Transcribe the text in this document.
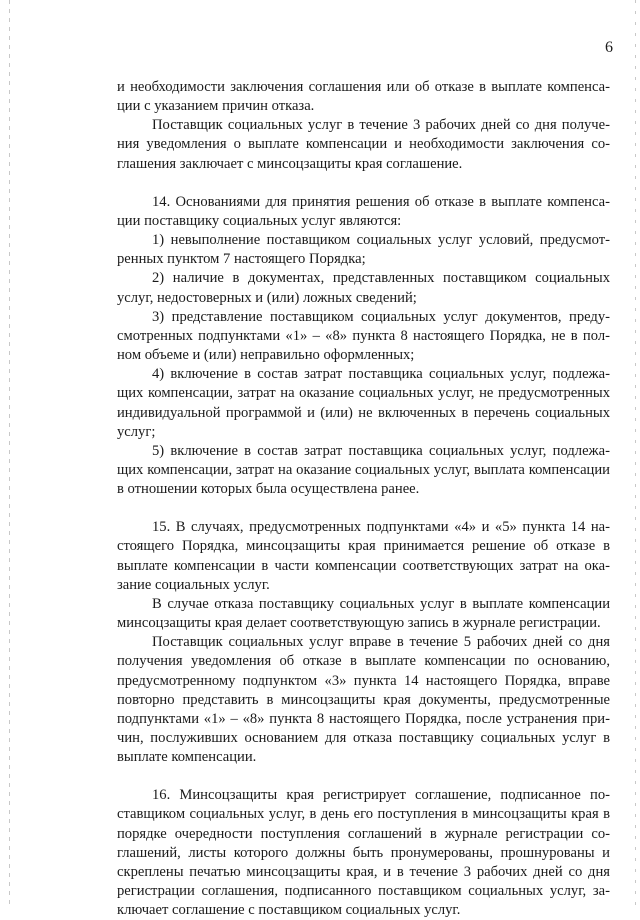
6

и необходимости заключения соглашения или об отказе в выплате компенсации с указанием причин отказа.

Поставщик социальных услуг в течение 3 рабочих дней со дня получения уведомления о выплате компенсации и необходимости заключения соглашения заключает с минсоцзащиты края соглашение.

14. Основаниями для принятия решения об отказе в выплате компенсации поставщику социальных услуг являются:

1) невыполнение поставщиком социальных услуг условий, предусмотренных пунктом 7 настоящего Порядка;

2) наличие в документах, представленных поставщиком социальных услуг, недостоверных и (или) ложных сведений;

3) представление поставщиком социальных услуг документов, предусмотренных подпунктами «1» – «8» пункта 8 настоящего Порядка, не в полном объеме и (или) неправильно оформленных;

4) включение в состав затрат поставщика социальных услуг, подлежащих компенсации, затрат на оказание социальных услуг, не предусмотренных индивидуальной программой и (или) не включенных в перечень социальных услуг;

5) включение в состав затрат поставщика социальных услуг, подлежащих компенсации, затрат на оказание социальных услуг, выплата компенсации в отношении которых была осуществлена ранее.

15. В случаях, предусмотренных подпунктами «4» и «5» пункта 14 настоящего Порядка, минсоцзащиты края принимается решение об отказе в выплате компенсации в части компенсации соответствующих затрат на оказание социальных услуг.

В случае отказа поставщику социальных услуг в выплате компенсации минсоцзащиты края делает соответствующую запись в журнале регистрации.

Поставщик социальных услуг вправе в течение 5 рабочих дней со дня получения уведомления об отказе в выплате компенсации по основанию, предусмотренному подпунктом «3» пункта 14 настоящего Порядка, вправе повторно представить в минсоцзащиты края документы, предусмотренные подпунктами «1» – «8» пункта 8 настоящего Порядка, после устранения причин, послуживших основанием для отказа поставщику социальных услуг в выплате компенсации.

16. Минсоцзащиты края регистрирует соглашение, подписанное поставщиком социальных услуг, в день его поступления в минсоцзащиты края в порядке очередности поступления соглашений в журнале регистрации соглашений, листы которого должны быть пронумерованы, прошнурованы и скреплены печатью минсоцзащиты края, и в течение 3 рабочих дней со дня регистрации соглашения, подписанного поставщиком социальных услуг, заключает соглашение с поставщиком социальных услуг.
